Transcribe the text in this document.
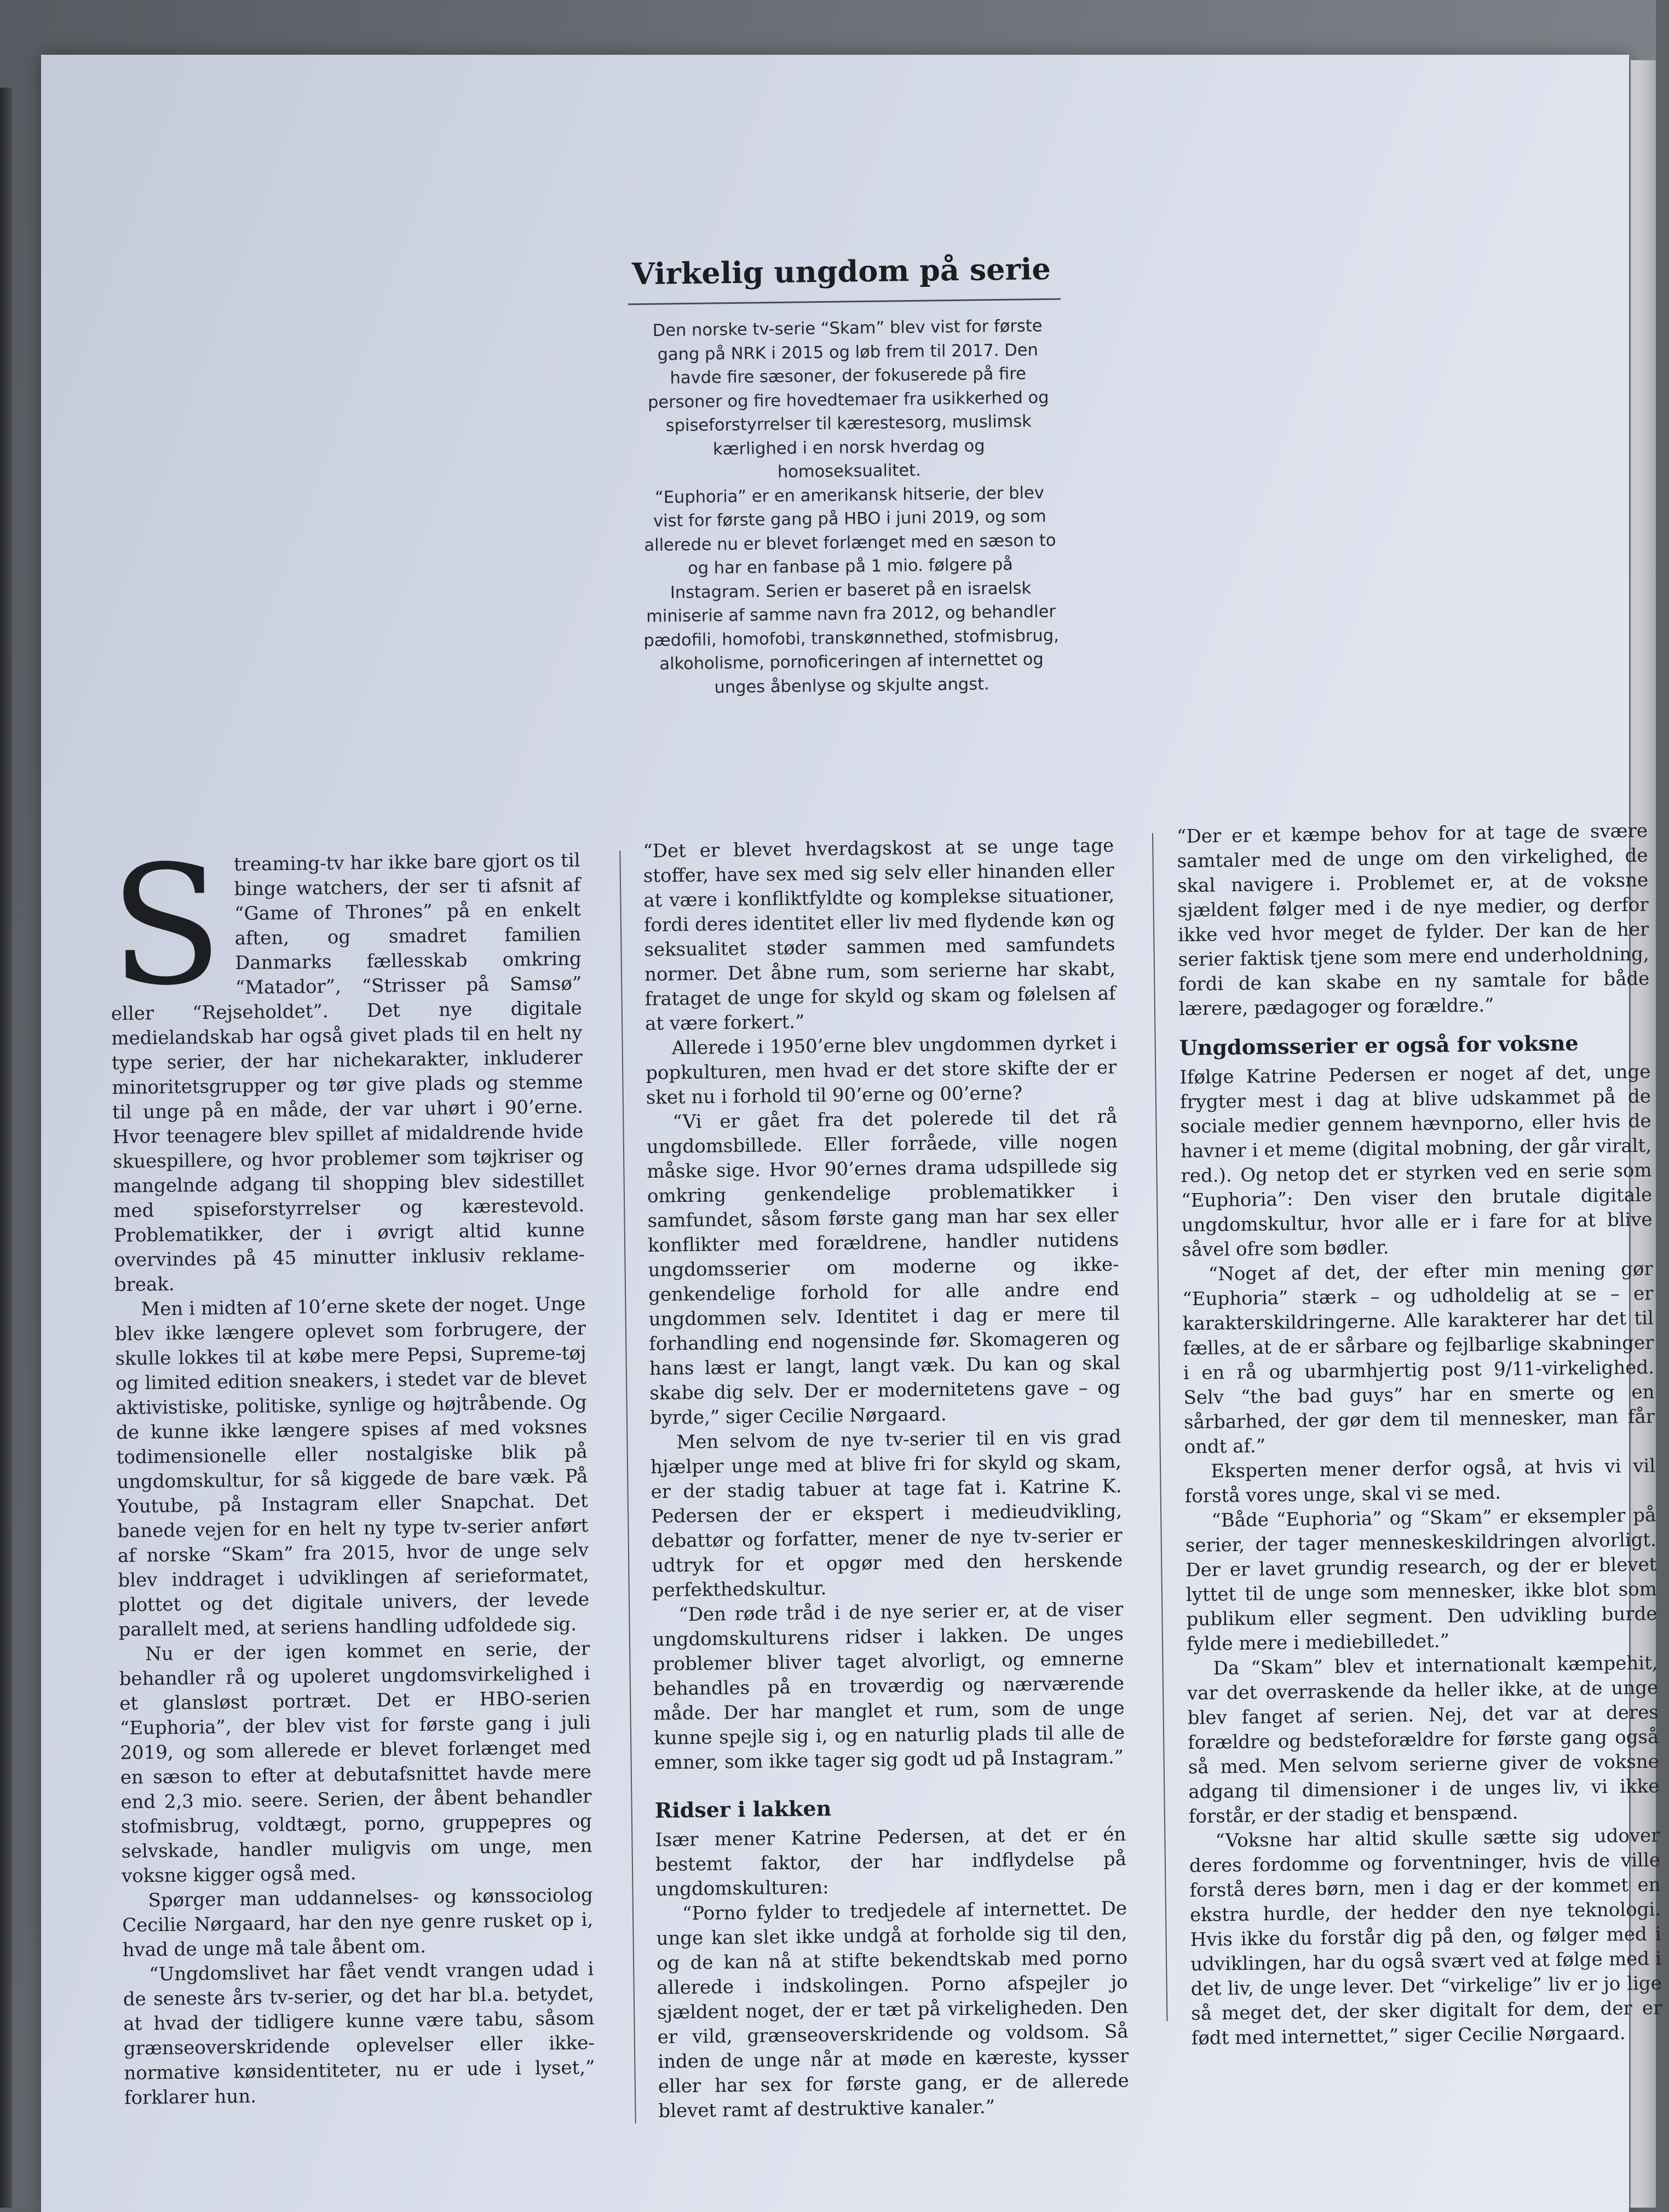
Virkelig ungdom på serie

Den norske tv-serie “Skam” blev vist for første gang på NRK i 2015 og løb frem til 2017. Den havde fire sæsoner, der fokuserede på fire personer og fire hovedtemaer fra usikkerhed og spiseforstyrrelser til kærestesorg, muslimsk kærlighed i en norsk hverdag og homoseksualitet.

“Euphoria” er en amerikansk hitserie, der blev vist for første gang på HBO i juni 2019, og som allerede nu er blevet forlænget med en sæson to og har en fanbase på 1 mio. følgere på Instagram. Serien er baseret på en israelsk miniserie af samme navn fra 2012, og behandler pædofili, homofobi, transkønnethed, stofmisbrug, alkoholisme, pornoficeringen af internettet og unges åbenlyse og skjulte angst.

S treaming-tv har ikke bare gjort os til binge watchers, der ser ti afsnit af “Game of Thrones” på en enkelt aften, og smadret familien Danmarks fællesskab omkring “Matador”, “Strisser på Samsø” eller “Rejseholdet”. Det nye digitale medielandskab har også givet plads til en helt ny type serier, der har nichekarakter, inkluderer minoritetsgrupper og tør give plads og stemme til unge på en måde, der var uhørt i 90’erne. Hvor teenagere blev spillet af midaldrende hvide skuespillere, og hvor problemer som tøjkriser og mangelnde adgang til shopping blev sidestillet med spiseforstyrrelser og kærestevold. Problematikker, der i øvrigt altid kunne overvindes på 45 minutter inklusiv reklame-break.

Men i midten af 10’erne skete der noget. Unge blev ikke længere oplevet som forbrugere, der skulle lokkes til at købe mere Pepsi, Supreme-tøj og limited edition sneakers, i stedet var de blevet aktivistiske, politiske, synlige og højtråbende. Og de kunne ikke længere spises af med voksnes todimensionelle eller nostalgiske blik på ungdomskultur, for så kiggede de bare væk. På Youtube, på Instagram eller Snapchat. Det banede vejen for en helt ny type tv-serier anført af norske “Skam” fra 2015, hvor de unge selv blev inddraget i udviklingen af serieformatet, plottet og det digitale univers, der levede parallelt med, at seriens handling udfoldede sig.

Nu er der igen kommet en serie, der behandler rå og upoleret ungdomsvirkelighed i et glansløst portræt. Det er HBO-serien “Euphoria”, der blev vist for første gang i juli 2019, og som allerede er blevet forlænget med en sæson to efter at debutafsnittet havde mere end 2,3 mio. seere. Serien, der åbent behandler stofmisbrug, voldtægt, porno, gruppepres og selvskade, handler muligvis om unge, men voksne kigger også med.

Spørger man uddannelses- og kønssociolog Cecilie Nørgaard, har den nye genre rusket op i, hvad de unge må tale åbent om.

“Ungdomslivet har fået vendt vrangen udad i de seneste års tv-serier, og det har bl.a. betydet, at hvad der tidligere kunne være tabu, såsom grænseoverskridende oplevelser eller ikke-normative kønsidentiteter, nu er ude i lyset,” forklarer hun.

“Det er blevet hverdagskost at se unge tage stoffer, have sex med sig selv eller hinanden eller at være i konfliktfyldte og komplekse situationer, fordi deres identitet eller liv med flydende køn og seksualitet støder sammen med samfundets normer. Det åbne rum, som serierne har skabt, frataget de unge for skyld og skam og følelsen af at være forkert.”

Allerede i 1950’erne blev ungdommen dyrket i popkulturen, men hvad er det store skifte der er sket nu i forhold til 90’erne og 00’erne?

“Vi er gået fra det polerede til det rå ungdomsbillede. Eller forråede, ville nogen måske sige. Hvor 90’ernes drama udspillede sig omkring genkendelige problematikker i samfundet, såsom første gang man har sex eller konflikter med forældrene, handler nutidens ungdomsserier om moderne og ikke-genkendelige forhold for alle andre end ungdommen selv. Identitet i dag er mere til forhandling end nogensinde før. Skomageren og hans læst er langt, langt væk. Du kan og skal skabe dig selv. Der er modernitetens gave – og byrde,” siger Cecilie Nørgaard.

Men selvom de nye tv-serier til en vis grad hjælper unge med at blive fri for skyld og skam, er der stadig tabuer at tage fat i. Katrine K. Pedersen der er ekspert i medieudvikling, debattør og forfatter, mener de nye tv-serier er udtryk for et opgør med den herskende perfekthedskultur.

“Den røde tråd i de nye serier er, at de viser ungdomskulturens ridser i lakken. De unges problemer bliver taget alvorligt, og emnerne behandles på en troværdig og nærværende måde. Der har manglet et rum, som de unge kunne spejle sig i, og en naturlig plads til alle de emner, som ikke tager sig godt ud på Instagram.”

Ridser i lakken

Især mener Katrine Pedersen, at det er én bestemt faktor, der har indflydelse på ungdomskulturen:

“Porno fylder to tredjedele af internettet. De unge kan slet ikke undgå at forholde sig til den, og de kan nå at stifte bekendtskab med porno allerede i indskolingen. Porno afspejler jo sjældent noget, der er tæt på virkeligheden. Den er vild, grænseoverskridende og voldsom. Så inden de unge når at møde en kæreste, kysser eller har sex for første gang, er de allerede blevet ramt af destruktive kanaler.”

“Der er et kæmpe behov for at tage de svære samtaler med de unge om den virkelighed, de skal navigere i. Problemet er, at de voksne sjældent følger med i de nye medier, og derfor ikke ved hvor meget de fylder. Der kan de her serier faktisk tjene som mere end underholdning, fordi de kan skabe en ny samtale for både lærere, pædagoger og forældre.”

Ungdomsserier er også for voksne

Ifølge Katrine Pedersen er noget af det, unge frygter mest i dag at blive udskammet på de sociale medier gennem hævnporno, eller hvis de havner i et meme (digital mobning, der går viralt, red.). Og netop det er styrken ved en serie som “Euphoria”: Den viser den brutale digitale ungdomskultur, hvor alle er i fare for at blive såvel ofre som bødler.

“Noget af det, der efter min mening gør “Euphoria” stærk – og udholdelig at se – er karakterskildringerne. Alle karakterer har det til fælles, at de er sårbare og fejlbarlige skabninger i en rå og ubarmhjertig post 9/11-virkelighed. Selv “the bad guys” har en smerte og en sårbarhed, der gør dem til mennesker, man får ondt af.”

Eksperten mener derfor også, at hvis vi vil forstå vores unge, skal vi se med.

“Både “Euphoria” og “Skam” er eksempler på serier, der tager menneskeskildringen alvorligt. Der er lavet grundig research, og der er blevet lyttet til de unge som mennesker, ikke blot som publikum eller segment. Den udvikling burde fylde mere i mediebilledet.”

Da “Skam” blev et internationalt kæmpehit, var det overraskende da heller ikke, at de unge blev fanget af serien. Nej, det var at deres forældre og bedsteforældre for første gang også så med. Men selvom serierne giver de voksne adgang til dimensioner i de unges liv, vi ikke forstår, er der stadig et benspænd.

“Voksne har altid skulle sætte sig udover deres fordomme og forventninger, hvis de ville forstå deres børn, men i dag er der kommet en ekstra hurdle, der hedder den nye teknologi. Hvis ikke du forstår dig på den, og følger med i udviklingen, har du også svært ved at følge med i det liv, de unge lever. Det “virkelige” liv er jo lige så meget det, der sker digitalt for dem, der er født med internettet,” siger Cecilie Nørgaard.
